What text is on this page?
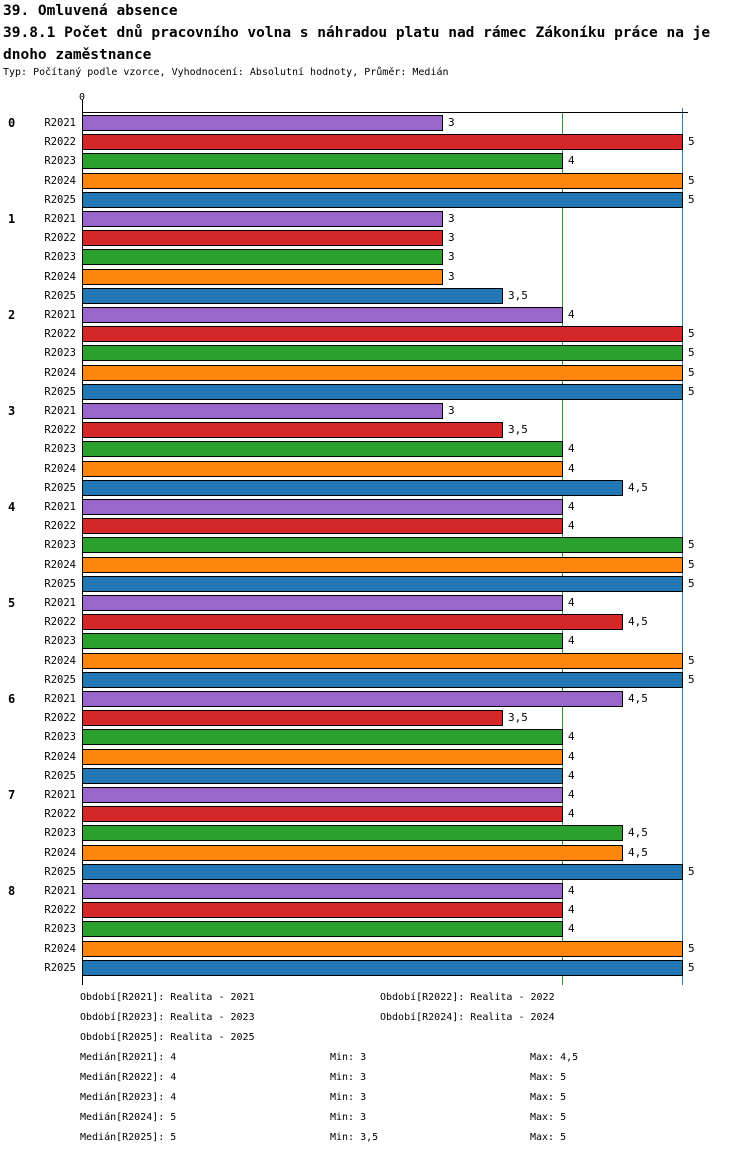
39. Omluvená absence
39.8.1 Počet dnů pracovního volna s náhradou platu nad rámec Zákoníku práce na je
dnoho zaměstnance
Typ: Počítaný podle vzorce, Vyhodnocení: Absolutní hodnoty, Průměr: Medián
0
0	R2021	3
R2022	5
R2023	4
R2024	5
R2025	5
1	R2021	3
R2022	3
R2023	3
R2024	3
R2025	3,5
2	R2021	4
R2022	5
R2023	5
R2024	5
R2025	5
3	R2021	3
R2022	3,5
R2023	4
R2024	4
R2025	4,5
4	R2021	4
R2022	4
R2023	5
R2024	5
R2025	5
5	R2021	4
R2022	4,5
R2023	4
R2024	5
R2025	5
6	R2021	4,5
R2022	3,5
R2023	4
R2024	4
R2025	4
7	R2021	4
R2022	4
R2023	4,5
R2024	4,5
R2025	5
8	R2021	4
R2022	4
R2023	4
R2024	5
R2025	5
Období[R2021]: Realita - 2021	Období[R2022]: Realita - 2022
Období[R2023]: Realita - 2023	Období[R2024]: Realita - 2024
Období[R2025]: Realita - 2025
Medián[R2021]: 4	Min: 3	Max: 4,5
Medián[R2022]: 4	Min: 3	Max: 5
Medián[R2023]: 4	Min: 3	Max: 5
Medián[R2024]: 5	Min: 3	Max: 5
Medián[R2025]: 5	Min: 3,5	Max: 5
